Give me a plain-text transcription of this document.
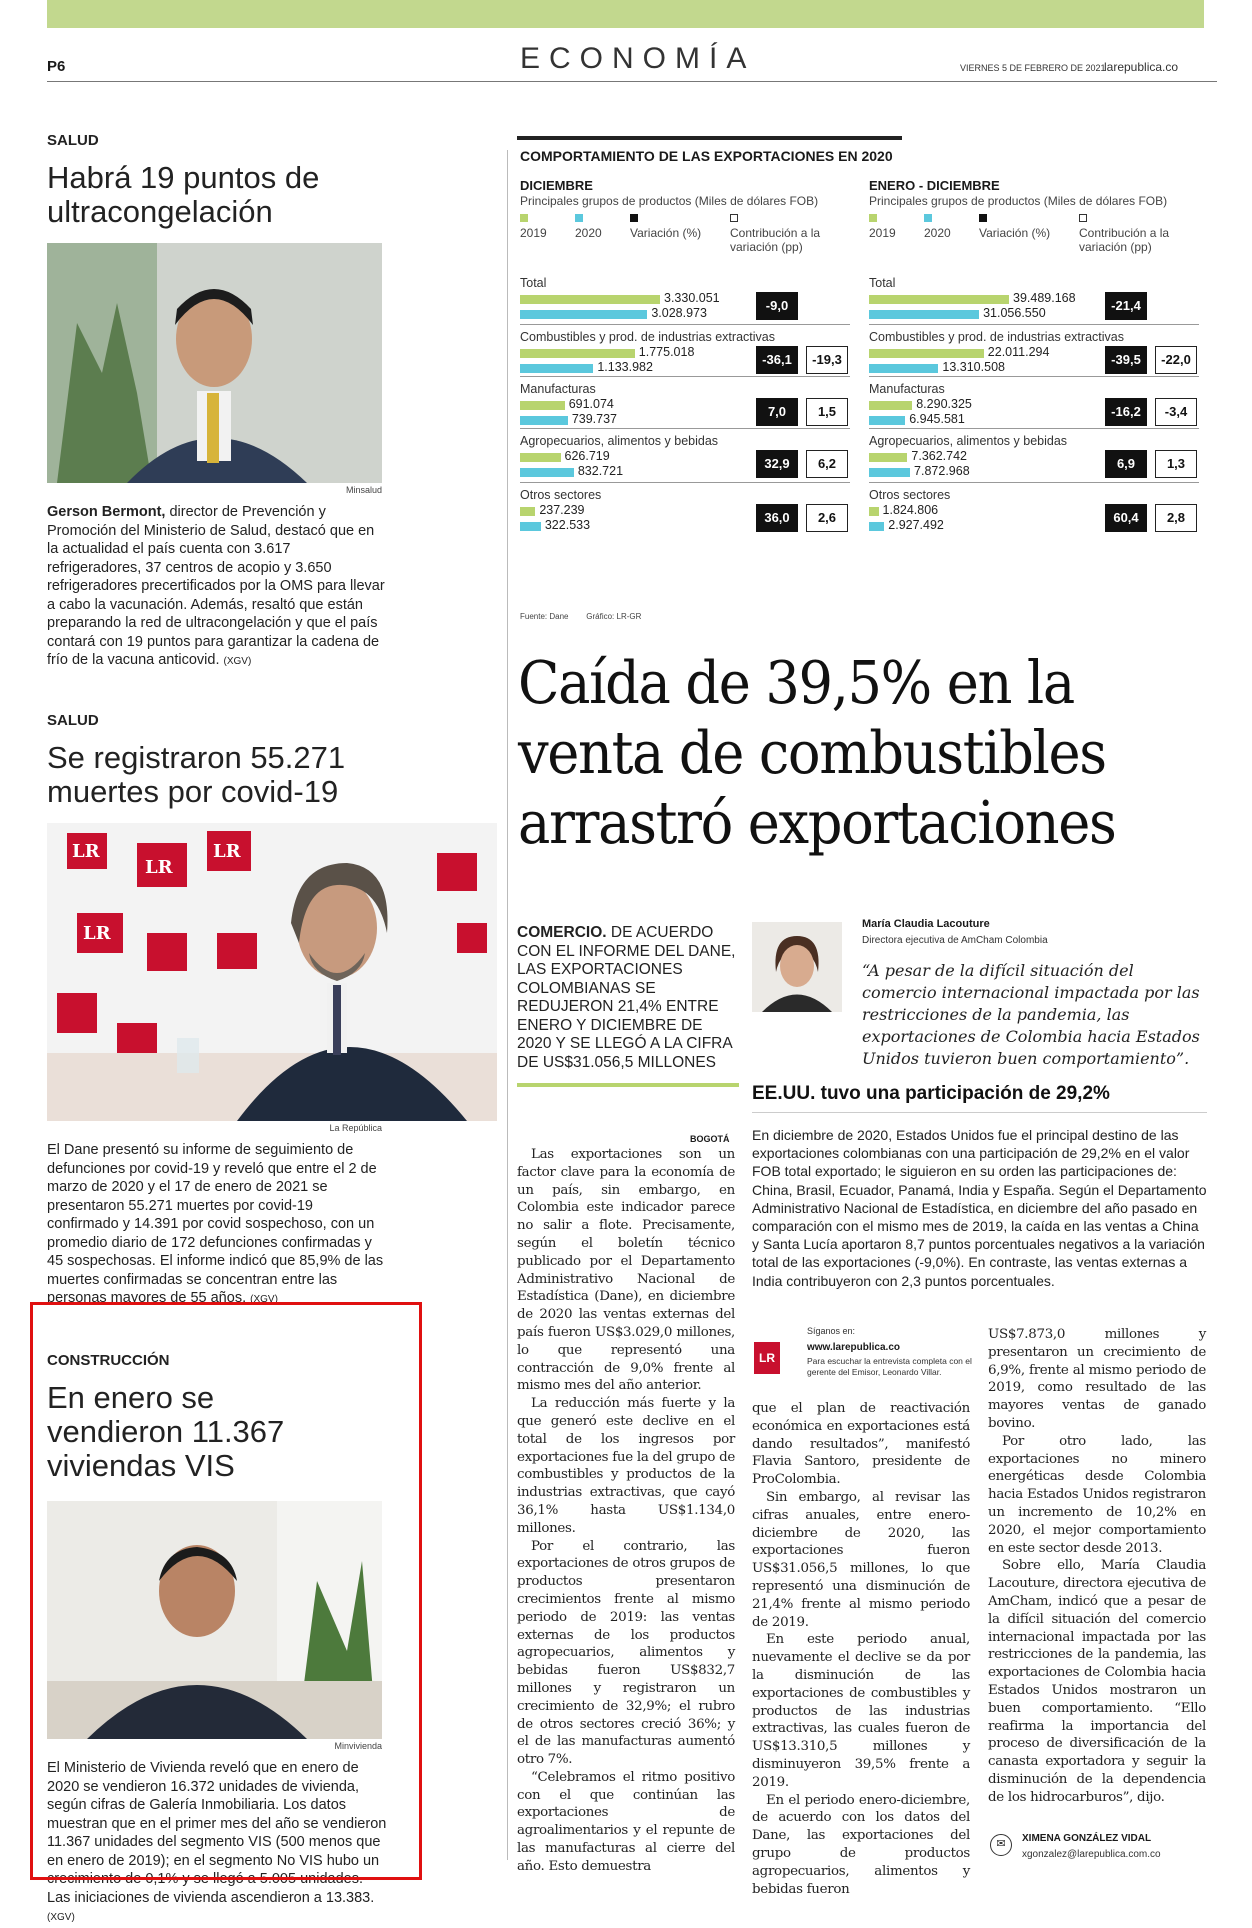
P6	ECONOMÍA	VIERNES 5 DE FEBRERO DE 2021
larepublica.co
SALUD
Habrá 19 puntos de ultracongelación
Minsalud
Gerson Bermont, director de Prevención y Promoción del Ministerio de Salud, destacó que en la actualidad el país cuenta con 3.617 refrigeradores, 37 centros de acopio y 3.650 refrigeradores precertificados por la OMS para llevar a cabo la vacunación. Además, resaltó que están preparando la red de ultracongelación y que el país contará con 19 puntos para garantizar la cadena de frío de la vacuna anticovid. (XGV)
SALUD
Se registraron 55.271 muertes por covid-19
LR
LR
LR
LR
La República
El Dane presentó su informe de seguimiento de defunciones por covid-19 y reveló que entre el 2 de marzo de 2020 y el 17 de enero de 2021 se presentaron 55.271 muertes por covid-19 confirmado y 14.391 por covid sospechoso, con un promedio diario de 172 defunciones confirmadas y 45 sospechosas. El informe indicó que 85,9% de las muertes confirmadas se concentran entre las personas mayores de 55 años. (XGV)
CONSTRUCCIÓN
En enero se vendieron 11.367 viviendas VIS
Minvivienda
El Ministerio de Vivienda reveló que en enero de 2020 se vendieron 16.372 unidades de vivienda, según cifras de Galería Inmobiliaria. Los datos muestran que en el primer mes del año se vendieron 11.367 unidades del segmento VIS (500 menos que en enero de 2019); en el segmento No VIS hubo un crecimiento de 0,1% y se llegó a 5.005 unidades. Las iniciaciones de vivienda ascendieron a 13.383. (XGV)
COMPORTAMIENTO DE LAS EXPORTACIONES EN 2020
DICIEMBRE
Principales grupos de productos (Miles de dólares FOB)
2019 2020 Variación (%) Contribución a la variación (pp)
Total
3.330.051
3.028.973	-9,0
Combustibles y prod. de industrias extractivas
1.775.018
1.133.982	-36,1	-19,3
Manufacturas
691.074
739.737	7,0	1,5
Agropecuarios, alimentos y bebidas
626.719
832.721	32,9	6,2
Otros sectores
237.239
322.533	36,0	2,6
ENERO - DICIEMBRE
Principales grupos de productos (Miles de dólares FOB)
2019 2020 Variación (%) Contribución a la variación (pp)
Total
39.489.168
31.056.550	-21,4
Combustibles y prod. de industrias extractivas
22.011.294
13.310.508	-39,5	-22,0
Manufacturas
8.290.325
6.945.581	-16,2	-3,4
Agropecuarios, alimentos y bebidas
7.362.742
7.872.968	6,9	1,3
Otros sectores
1.824.806
2.927.492	60,4	2,8
Fuente: Dane Gráfico: LR-GR
Caída de 39,5% en la venta de combustibles arrastró exportaciones
COMERCIO. DE ACUERDO CON EL INFORME DEL DANE, LAS EXPORTACIONES COLOMBIANAS SE REDUJERON 21,4% ENTRE ENERO Y DICIEMBRE DE 2020 Y SE LLEGÓ A LA CIFRA DE US$31.056,5 MILLONES
María Claudia Lacouture
Directora ejecutiva de AmCham Colombia
“A pesar de la difícil situación del comercio internacional impactada por las restricciones de la pandemia, las exportaciones de Colombia hacia Estados Unidos tuvieron buen comportamiento”.
EE.UU. tuvo una participación de 29,2%
BOGOTÁ En diciembre de 2020, Estados Unidos fue el principal destino de las exportaciones colombianas con una participación de 29,2% en el valor FOB total exportado; le siguieron en su orden las participaciones de: China, Brasil, Ecuador, Panamá, India y España. Según el Departamento Administrativo Nacional de Estadística, en diciembre del año pasado en comparación con el mismo mes de 2019, la caída en las ventas a China y Santa Lucía aportaron 8,7 puntos porcentuales negativos a la variación total de las exportaciones (-9,0%). En contraste, las ventas externas a India contribuyeron con 2,3 puntos porcentuales.

Las exportaciones son un factor clave para la economía de un país, sin embargo, en Colombia este indicador parece no salir a flote. Precisamente, según el boletín técnico publicado por el Departamento Administrativo Nacional de Estadística (Dane), en diciembre de 2020 las ventas externas del país fueron US$3.029,0 millones, lo que representó una contracción de 9,0% frente al mismo mes del año anterior.

La reducción más fuerte y la que generó este declive en el total de los ingresos por exportaciones fue la del grupo de combustibles y productos de la industrias extractivas, que cayó 36,1% hasta US$1.134,0 millones.

Por el contrario, las exportaciones de otros grupos de productos presentaron crecimientos frente al mismo periodo de 2019: las ventas externas de los productos agropecuarios, alimentos y bebidas fueron US$832,7 millones y registraron un crecimiento de 32,9%; el rubro de otros sectores creció 36%; y el de las manufacturas aumentó otro 7%.

“Celebramos el ritmo positivo con el que continúan las exportaciones de agroalimentarios y el repunte de las manufacturas al cierre del año. Esto demuestra

LR
Síganos en:
www.larepublica.co
Para escuchar la entrevista completa con el gerente del Emisor, Leonardo Villar.

que el plan de reactivación económica en exportaciones está dando resultados”, manifestó Flavia Santoro, presidente de ProColombia.

Sin embargo, al revisar las cifras anuales, entre enero-diciembre de 2020, las exportaciones fueron US$31.056,5 millones, lo que representó una disminución de 21,4% frente al mismo periodo de 2019.

En este periodo anual, nuevamente el declive se da por la disminución de las exportaciones de combustibles y productos de las industrias extractivas, las cuales fueron de US$13.310,5 millones y disminuyeron 39,5% frente a 2019.

En el periodo enero-diciembre, de acuerdo con los datos del Dane, las exportaciones del grupo de productos agropecuarios, alimentos y bebidas fueron

US$7.873,0 millones y presentaron un crecimiento de 6,9%, frente al mismo periodo de 2019, como resultado de las mayores ventas de ganado bovino.

Por otro lado, las exportaciones no minero energéticas desde Colombia hacia Estados Unidos registraron un incremento de 10,2% en 2020, el mejor comportamiento en este sector desde 2013.

Sobre ello, María Claudia Lacouture, directora ejecutiva de AmCham, indicó que a pesar de la difícil situación del comercio internacional impactada por las restricciones de la pandemia, las exportaciones de Colombia hacia Estados Unidos mostraron un buen comportamiento. “Ello reafirma la importancia del proceso de diversificación de la canasta exportadora y seguir la disminución de la dependencia de los hidrocarburos”, dijo.

✉	XIMENA GONZÁLEZ VIDAL
xgonzalez@larepublica.com.co
